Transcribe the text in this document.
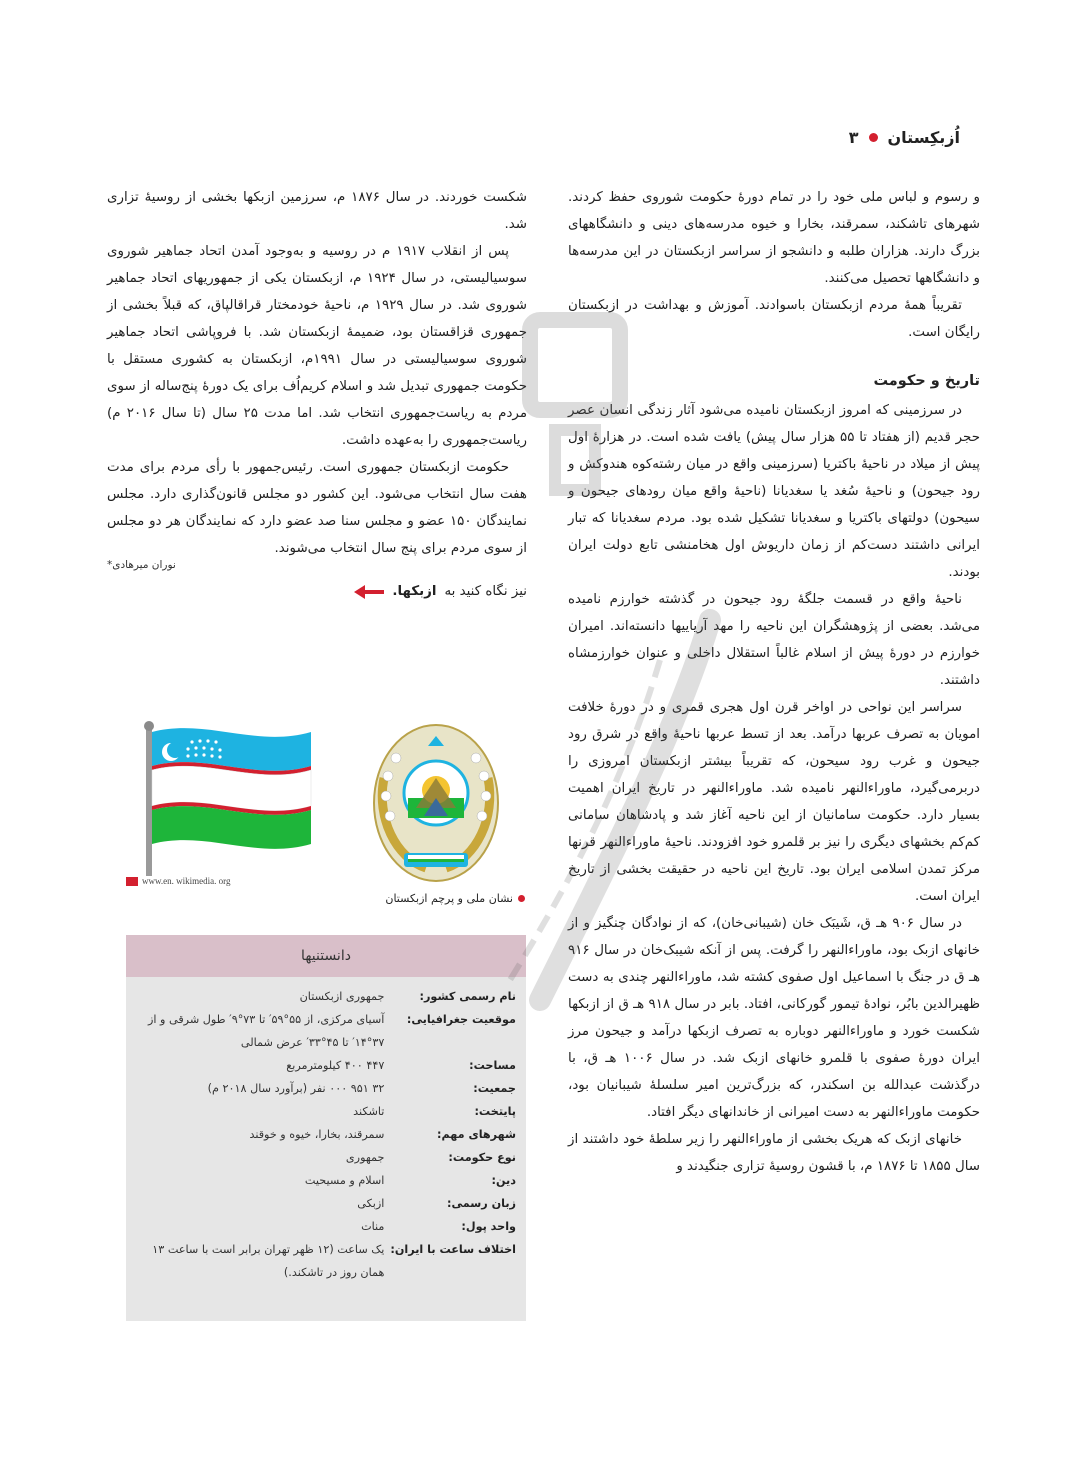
اُزبکِستان
۳

و رسوم و لباس ملی خود را در تمام دورهٔ حکومت شوروی حفظ کردند. شهرهای تاشکند، سمرقند، بخارا و خیوه مدرسه‌های دینی و دانشگاههای بزرگ دارند. هزاران طلبه و دانشجو از سراسر ازبکستان در این مدرسه‌ها و دانشگاهها تحصیل می‌کنند.

تقریباً همهٔ مردم ازبکستان باسوادند. آموزش و بهداشت در ازبکستان رایگان است.

تاریخ و حکومت

در سرزمینی که امروز ازبکستان نامیده می‌شود آثار زندگی انسان عصر حجر قدیم (از هفتاد تا ۵۵ هزار سال پیش) یافت شده است. در هزارهٔ اول پیش از میلاد در ناحیهٔ باکتریا (سرزمینی واقع در میان رشته‌کوه هندوکش و رود جیحون) و ناحیهٔ سُغد یا سغدیانا (ناحیهٔ واقع میان رودهای جیحون و سیحون) دولتهای باکتریا و سغدیانا تشکیل شده بود. مردم سغدیانا که تبار ایرانی داشتند دست‌کم از زمان داریوش اول هخامنشی تابع دولت ایران بودند.

ناحیهٔ واقع در قسمت جلگهٔ رود جیحون در گذشته خوارزم نامیده می‌شد. بعضی از پژوهشگران این ناحیه را مهد آریاییها دانسته‌اند. امیران خوارزم در دورهٔ پیش از اسلام غالباً استقلال داخلی و عنوان خوارزمشاه داشتند.

سراسر این نواحی در اواخر قرن اول هجری قمری و در دورهٔ خلافت امویان به تصرف عربها درآمد. بعد از تسط عربها ناحیهٔ واقع در شرق رود جیحون و غرب رود سیحون، که تقریباً بیشتر ازبکستان امروزی را دربرمی‌گیرد، ماوراءالنهر نامیده شد. ماوراءالنهر در تاریخ ایران اهمیت بسیار دارد. حکومت سامانیان از این ناحیه آغاز شد و پادشاهان سامانی کم‌کم بخشهای دیگری را نیز بر قلمرو خود افزودند. ناحیهٔ ماوراءالنهر قرنها مرکز تمدن اسلامی ایران بود. تاریخ این ناحیه در حقیقت بخشی از تاریخ ایران است.

در سال ۹۰۶ هـ ق، شَیبَک خان (شیبانی‌خان)، که از نوادگان چنگیز و از خانهای ازبک بود، ماوراءالنهر را گرفت. پس از آنکه شیبک‌خان در سال ۹۱۶ هـ ق در جنگ با اسماعیل اول صفوی کشته شد، ماوراءالنهر چندی به دست ظهیرالدین بابُر، نوادهٔ تیمور گورکانی، افتاد. بابر در سال ۹۱۸ هـ ق از ازبکها شکست خورد و ماوراءالنهر دوباره به تصرف ازبکها درآمد و جیحون مرز ایران دورهٔ صفوی با قلمرو خانهای ازبک شد. در سال ۱۰۰۶ هـ ق، با درگذشت عبدالله بن اسکندر، که بزرگ‌ترین امیر سلسلهٔ شیبانیان بود، حکومت ماوراءالنهر به دست امیرانی از خاندانهای دیگر افتاد.

خانهای ازبک که هریک بخشی از ماوراءالنهر را زیر سلطهٔ خود داشتند از سال ۱۸۵۵ تا ۱۸۷۶ م، با قشون روسیهٔ تزاری جنگیدند و

شکست خوردند. در سال ۱۸۷۶ م، سرزمین ازبکها بخشی از روسیهٔ تزاری شد.

پس از انقلاب ۱۹۱۷ م در روسیه و به‌وجود آمدن اتحاد جماهیر شوروی سوسیالیستی، در سال ۱۹۲۴ م، ازبکستان یکی از جمهوریهای اتحاد جماهیر شوروی شد. در سال ۱۹۲۹ م، ناحیهٔ خودمختار قراقالپاق، که قبلاً بخشی از جمهوری قزاقستان بود، ضمیمهٔ ازبکستان شد. با فروپاشی اتحاد جماهیر شوروی سوسیالیستی در سال ۱۹۹۱م، ازبکستان به کشوری مستقل با حکومت جمهوری تبدیل شد و اسلام کریم‌اُف برای یک دورهٔ پنج‌ساله از سوی مردم به ریاست‌جمهوری انتخاب شد. اما مدت ۲۵ سال (تا سال ۲۰۱۶ م) ریاست‌جمهوری را به‌عهده داشت.

حکومت ازبکستان جمهوری است. رئیس‌جمهور با رأی مردم برای مدت هفت سال انتخاب می‌شود. این کشور دو مجلس قانون‌گذاری دارد. مجلس نمایندگان ۱۵۰ عضو و مجلس سنا صد عضو دارد که نمایندگان هر دو مجلس از سوی مردم برای پنج سال انتخاب می‌شوند.

نوران میرهادی*
نیز نگاه کنید به
ازبکها.
www.en. wikimedia. org
نشان ملی و پرچم ازبکستان
دانستنیها
نام رسمی کشور:	جمهوری ازبکستان
موقعیت جغرافیایی:	آسیای مرکزی، از ۵۵°۵۹′ تا ۷۳°۹′ طول شرقی و از ۳۷°۱۴′ تا ۴۵°۳۳′ عرض شمالی
مساحت:	۴۴۷ ۴۰۰ کیلومترمربع
جمعیت:	۳۲ ۹۵۱ ۰۰۰ نفر (برآورد سال ۲۰۱۸ م)
پایتخت:	تاشکند
شهرهای مهم:	سمرقند، بخارا، خیوه و خوقند
نوع حکومت:	جمهوری
دین:	اسلام و مسیحیت
زبان رسمی:	ازبکی
واحد پول:	منات
اختلاف ساعت با ایران:	یک ساعت (۱۲ ظهر تهران برابر است با ساعت ۱۳ همان روز در تاشکند.)
